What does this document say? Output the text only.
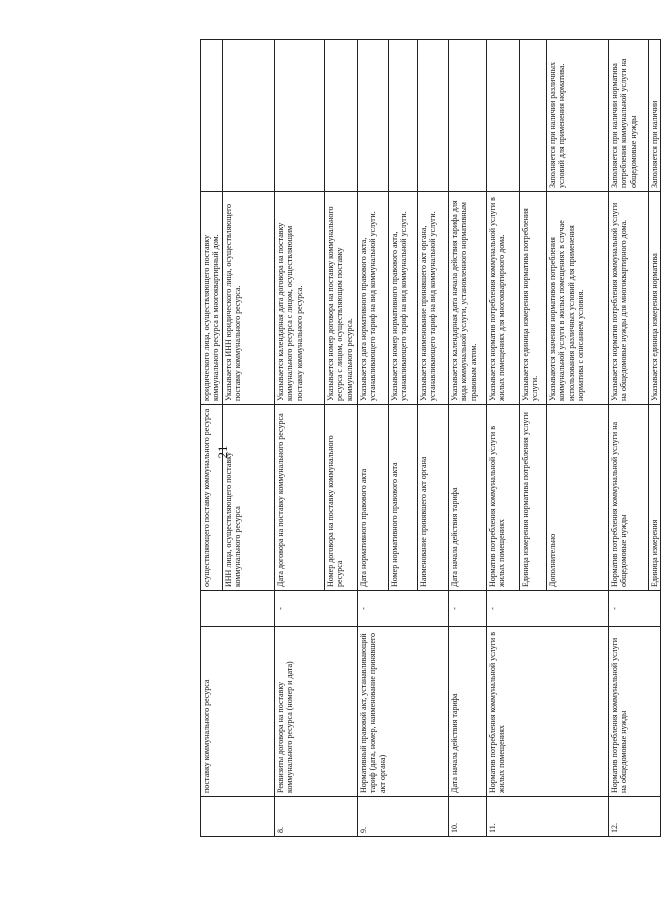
21
	поставку коммунального ресурса		осуществляющего поставку коммунального ресурса	юридического лица, осуществляющего поставку коммунального ресурса в многоквартирный дом.	
			ИНН лица, осуществляющего поставку коммунального ресурса	Указывается ИНН юридического лица, осуществляющего поставку коммунального ресурса.	
8.	Реквизиты договора на поставку коммунального ресурса (номер и дата)	-	Дата договора на поставку коммунального ресурса	Указывается календарная дата договора на поставку коммунального ресурса с лицом, осуществляющим поставку коммунального ресурса.	
			Номер договора на поставку коммунального ресурса	Указывается номер договора на поставку коммунального ресурса с лицом, осуществляющим поставку коммунального ресурса.	
9.	Нормативный правовой акт, устанавливающий тариф (дата, номер, наименование принявшего акт органа)	-	Дата нормативного правового акта	Указывается дата нормативного правового акта, устанавливающего тариф на вид коммунальной услуги.	
			Номер нормативного правового акта	Указывается номер нормативного правового акта, устанавливающего тариф на вид коммунальной услуги.	
			Наименование принявшего акт органа	Указывается наименование принявшего акт органа, устанавливающего тариф на вид коммунальной услуги.	
10.	Дата начала действия тарифа	-	Дата начала действия тарифа	Указывается календарная дата начала действия тарифа для вида коммунальной услуги, установленного нормативным правовым актом.	
11.	Норматив потребления коммунальной услуги в жилых помещениях	-	Норматив потребления коммунальной услуги в жилых помещениях	Указывается норматив потребления коммунальной услуги в жилых помещениях для многоквартирного дома.	
			Единица измерения норматива потребления услуги	Указывается единица измерения норматива потребления услуги.	
			Дополнительно	Указываются значения нормативов потребления коммунальной услуги в жилых помещениях в случае использования различных условий для применения норматива с описанием условия.	Заполняется при наличии различных условий для применения норматива.
12.	Норматив потребления коммунальной услуги на общедомовые нужды	-	Норматив потребления коммунальной услуги на общедомовые нужды	Указывается норматив потребления коммунальной услуги на общедомовые нужды для многоквартирного дома.	Заполняется при наличии норматива потребления коммунальной услуги на общедомовые нужды
			Единица измерения	Указывается единица измерения норматива	Заполняется при наличии
